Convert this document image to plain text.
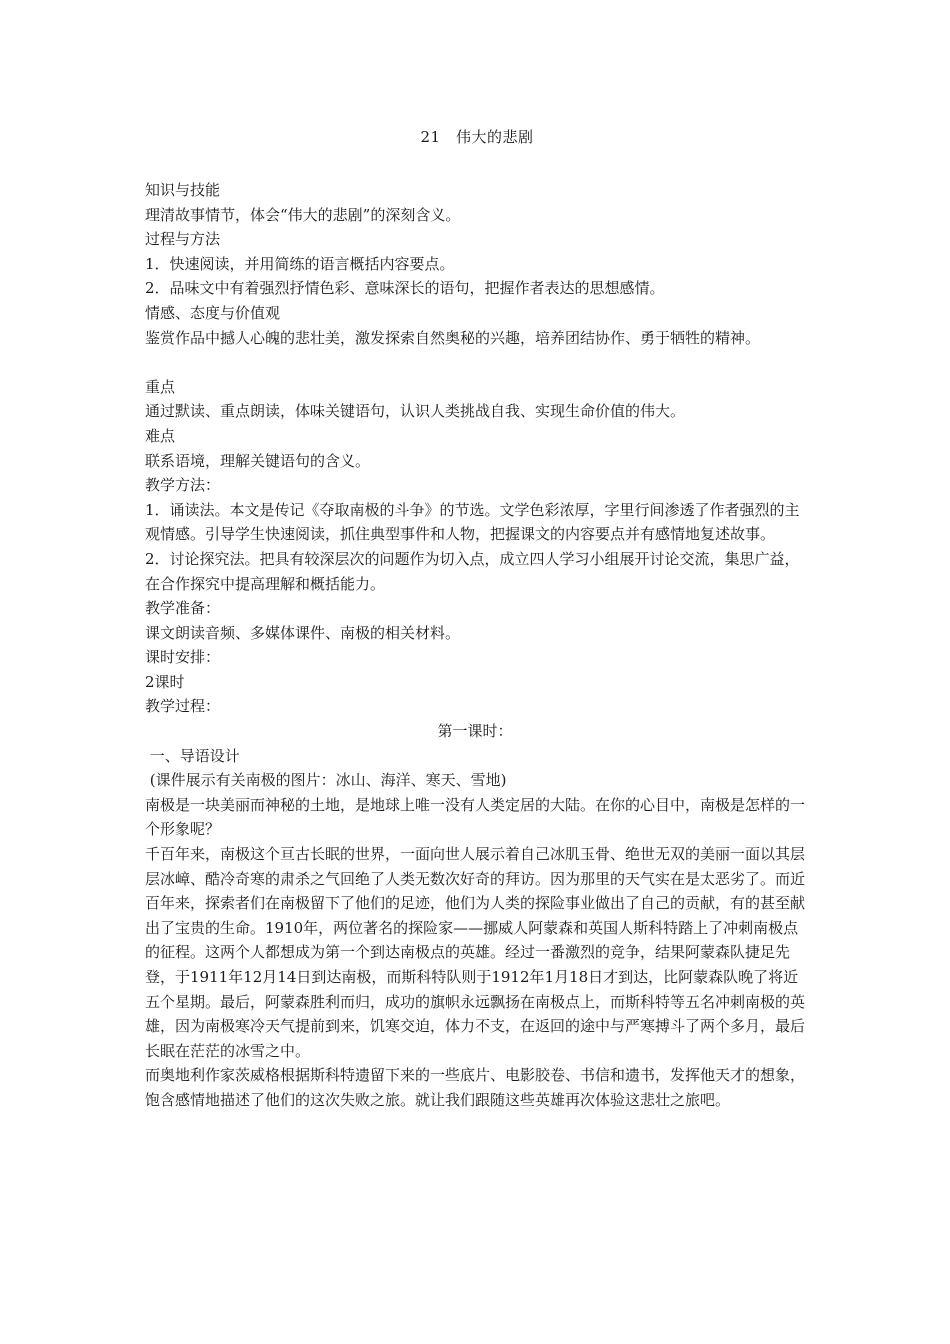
21　伟大的悲剧

知识与技能

理清故事情节，体会“伟大的悲剧”的深刻含义。

过程与方法

1．快速阅读，并用简练的语言概括内容要点。

2．品味文中有着强烈抒情色彩、意味深长的语句，把握作者表达的思想感情。

情感、态度与价值观

鉴赏作品中撼人心魄的悲壮美，激发探索自然奥秘的兴趣，培养团结协作、勇于牺牲的精神。

重点

通过默读、重点朗读，体味关键语句，认识人类挑战自我、实现生命价值的伟大。

难点

联系语境，理解关键语句的含义。

教学方法：

1．诵读法。本文是传记《夺取南极的斗争》的节选。文学色彩浓厚，字里行间渗透了作者强烈的主观情感。引导学生快速阅读，抓住典型事件和人物，把握课文的内容要点并有感情地复述故事。

2．讨论探究法。把具有较深层次的问题作为切入点，成立四人学习小组展开讨论交流，集思广益，在合作探究中提高理解和概括能力。

教学准备：

课文朗读音频、多媒体课件、南极的相关材料。

课时安排：

2课时

教学过程：

第一课时：

一、导语设计

(课件展示有关南极的图片：冰山、海洋、寒天、雪地)

南极是一块美丽而神秘的土地，是地球上唯一没有人类定居的大陆。在你的心目中，南极是怎样的一个形象呢？

千百年来，南极这个亘古长眠的世界，一面向世人展示着自己冰肌玉骨、绝世无双的美丽一面以其层层冰嶂、酷冷奇寒的肃杀之气回绝了人类无数次好奇的拜访。因为那里的天气实在是太恶劣了。而近百年来，探索者们在南极留下了他们的足迹，他们为人类的探险事业做出了自己的贡献，有的甚至献出了宝贵的生命。1910年，两位著名的探险家——挪威人阿蒙森和英国人斯科特踏上了冲刺南极点的征程。这两个人都想成为第一个到达南极点的英雄。经过一番激烈的竞争，结果阿蒙森队捷足先登，于1911年12月14日到达南极，而斯科特队则于1912年1月18日才到达，比阿蒙森队晚了将近五个星期。最后，阿蒙森胜利而归，成功的旗帜永远飘扬在南极点上，而斯科特等五名冲刺南极的英雄，因为南极寒冷天气提前到来，饥寒交迫，体力不支，在返回的途中与严寒搏斗了两个多月，最后长眠在茫茫的冰雪之中。

而奥地利作家茨威格根据斯科特遗留下来的一些底片、电影胶卷、书信和遗书，发挥他天才的想象，饱含感情地描述了他们的这次失败之旅。就让我们跟随这些英雄再次体验这悲壮之旅吧。
